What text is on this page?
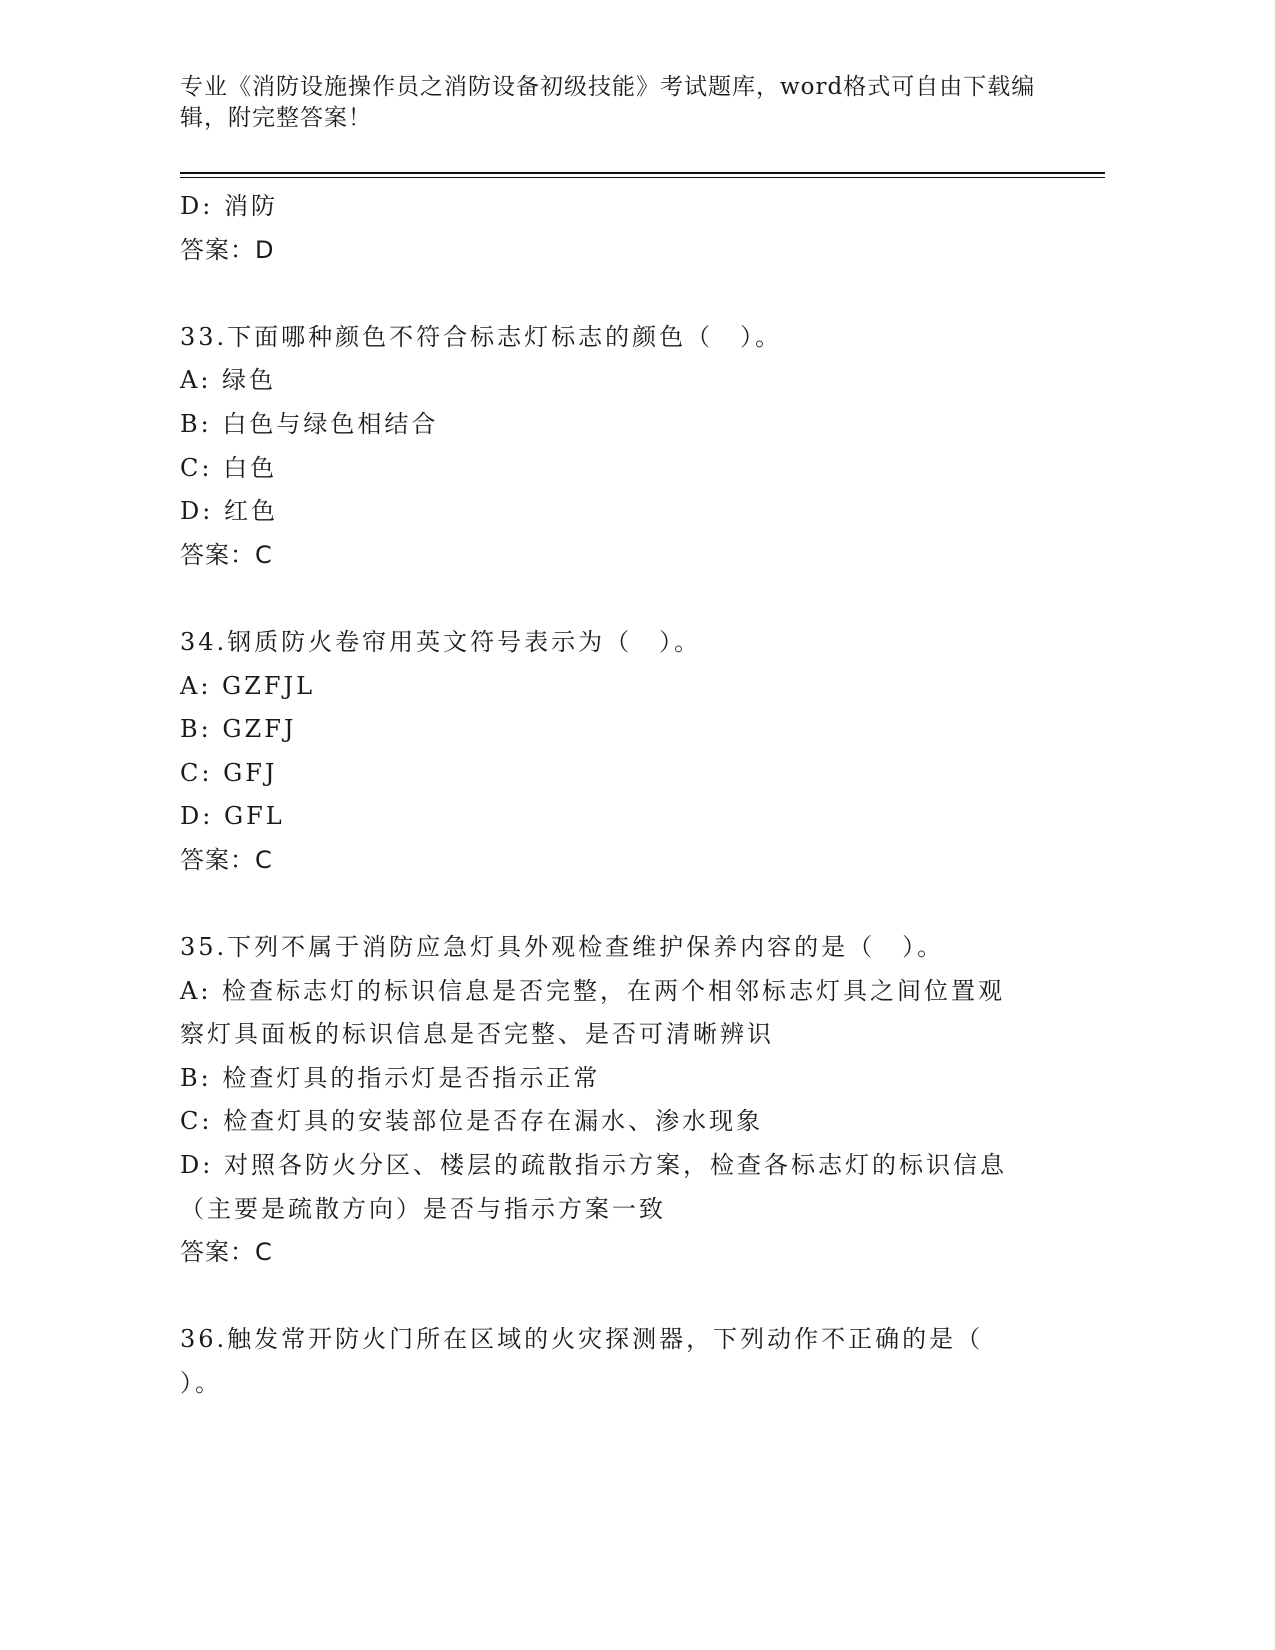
专业《消防设施操作员之消防设备初级技能》考试题库，word格式可自由下载编
辑，附完整答案！
D: 消防
答案：D
33.下面哪种颜色不符合标志灯标志的颜色（　）。
A: 绿色
B: 白色与绿色相结合
C: 白色
D: 红色
答案：C
34.钢质防火卷帘用英文符号表示为（　）。
A: GZFJL
B: GZFJ
C: GFJ
D: GFL
答案：C
35.下列不属于消防应急灯具外观检查维护保养内容的是（　）。
A: 检查标志灯的标识信息是否完整，在两个相邻标志灯具之间位置观
察灯具面板的标识信息是否完整、是否可清晰辨识
B: 检查灯具的指示灯是否指示正常
C: 检查灯具的安装部位是否存在漏水、渗水现象
D: 对照各防火分区、楼层的疏散指示方案，检查各标志灯的标识信息
（主要是疏散方向）是否与指示方案一致
答案：C
36.触发常开防火门所在区域的火灾探测器，下列动作不正确的是（
）。
